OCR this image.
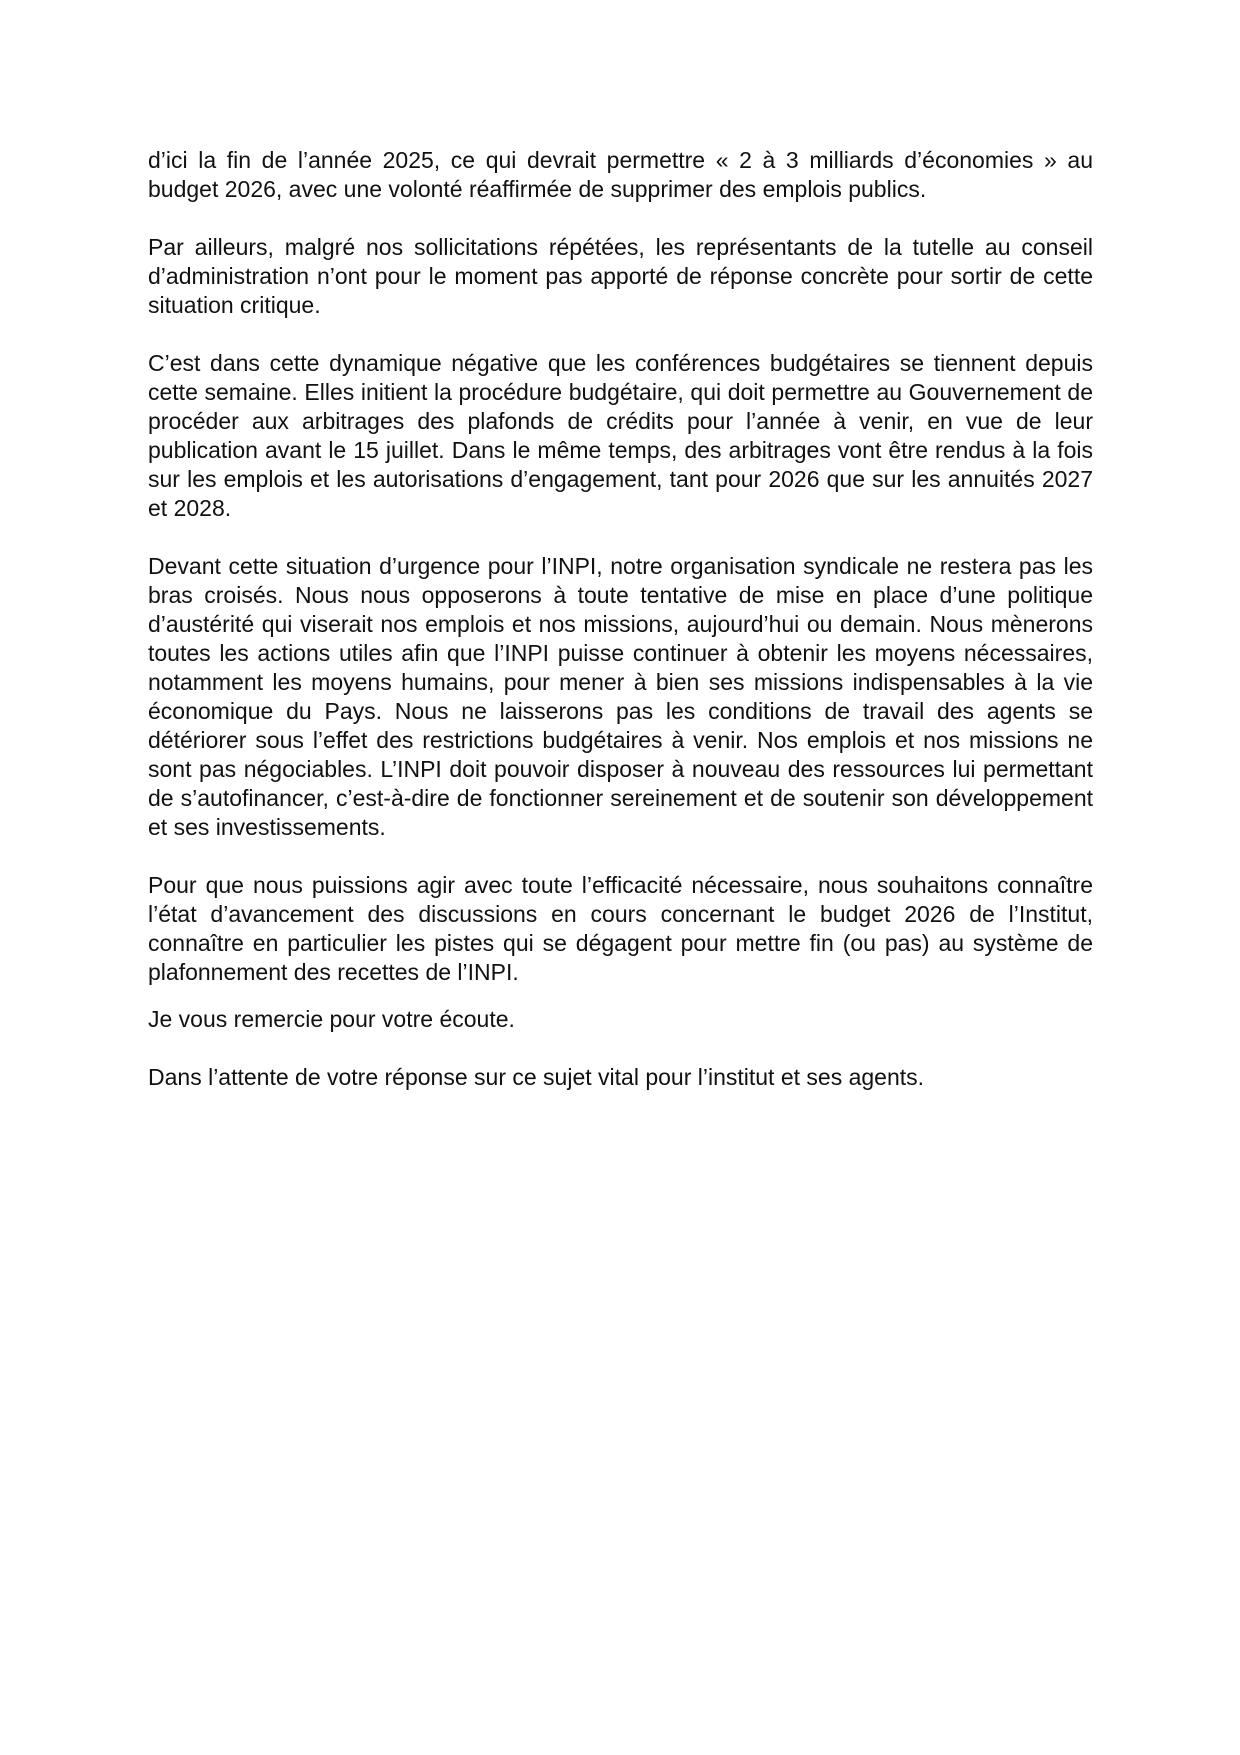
d’ici la fin de l’année 2025, ce qui devrait permettre « 2 à 3 milliards d’économies » au budget 2026, avec une volonté réaffirmée de supprimer des emplois publics.

Par ailleurs, malgré nos sollicitations répétées, les représentants de la tutelle au conseil d’administration n’ont pour le moment pas apporté de réponse concrète pour sortir de cette situation critique.

C’est dans cette dynamique négative que les conférences budgétaires se tiennent depuis cette semaine. Elles initient la procédure budgétaire, qui doit permettre au Gouvernement de procéder aux arbitrages des plafonds de crédits pour l’année à venir, en vue de leur publication avant le 15 juillet. Dans le même temps, des arbitrages vont être rendus à la fois sur les emplois et les autorisations d’engagement, tant pour 2026 que sur les annuités 2027 et 2028.

Devant cette situation d’urgence pour l’INPI, notre organisation syndicale ne restera pas les bras croisés. Nous nous opposerons à toute tentative de mise en place d’une politique d’austérité qui viserait nos emplois et nos missions, aujourd’hui ou demain. Nous mènerons toutes les actions utiles afin que l’INPI puisse continuer à obtenir les moyens nécessaires, notamment les moyens humains, pour mener à bien ses missions indispensables à la vie économique du Pays. Nous ne laisserons pas les conditions de travail des agents se détériorer sous l’effet des restrictions budgétaires à venir. Nos emplois et nos missions ne sont pas négociables. L’INPI doit pouvoir disposer à nouveau des ressources lui permettant de s’autofinancer, c’est-à-dire de fonctionner sereinement et de soutenir son développement et ses investissements.

Pour que nous puissions agir avec toute l’efficacité nécessaire, nous souhaitons connaître l’état d’avancement des discussions en cours concernant le budget 2026 de l’Institut, connaître en particulier les pistes qui se dégagent pour mettre fin (ou pas) au système de plafonnement des recettes de l’INPI.

Je vous remercie pour votre écoute.

Dans l’attente de votre réponse sur ce sujet vital pour l’institut et ses agents.
